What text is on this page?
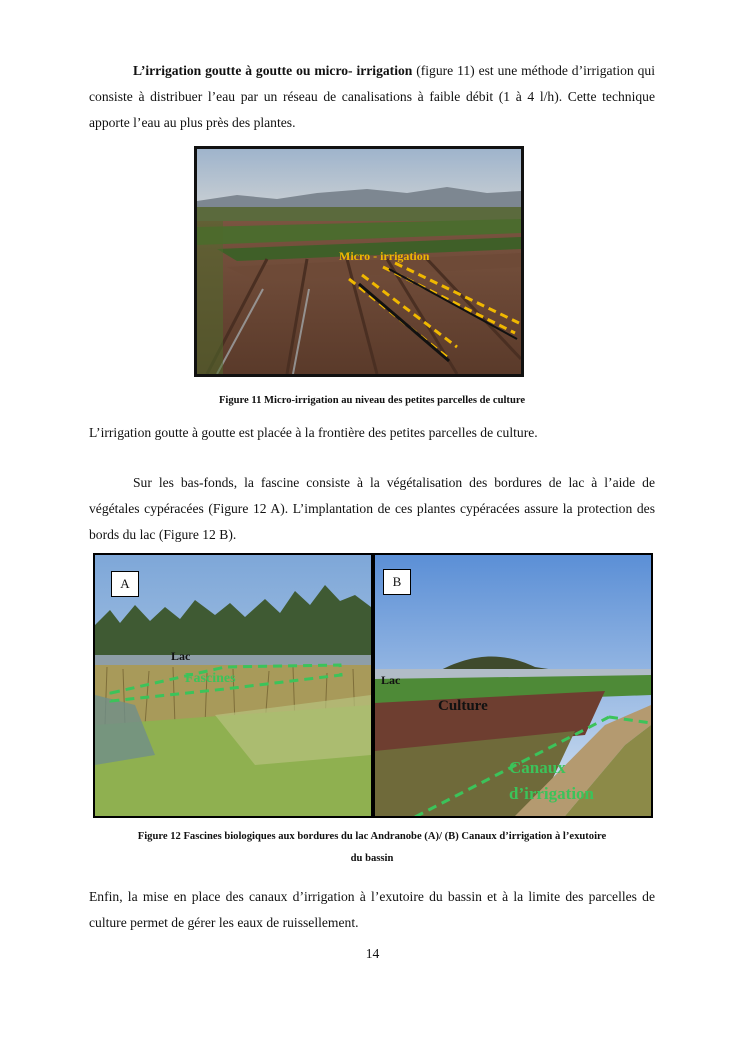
L’irrigation goutte à goutte ou micro- irrigation (figure 11) est une méthode d’irrigation qui consiste à distribuer l’eau par un réseau de canalisations à faible débit (1 à 4 l/h). Cette technique apporte l’eau au plus près des plantes.

Micro - irrigation

Figure 11 Micro-irrigation au niveau des petites parcelles de culture

L’irrigation goutte à goutte est placée à la frontière des petites parcelles de culture.

Sur les bas-fonds, la fascine consiste à la végétalisation des bordures de lac à l’aide de végétales cypéracées (Figure 12 A). L’implantation de ces plantes cypéracées assure la protection des bords du lac (Figure 12 B).

A
Lac
Fascines
B
Lac
Culture
Canaux
d’irrigation

Figure 12 Fascines biologiques aux bordures du lac Andranobe (A)/ (B) Canaux d’irrigation à l’exutoire
du bassin

Enfin, la mise en place des canaux d’irrigation à l’exutoire du bassin et à la limite des parcelles de culture permet de gérer les eaux de ruissellement.

14
